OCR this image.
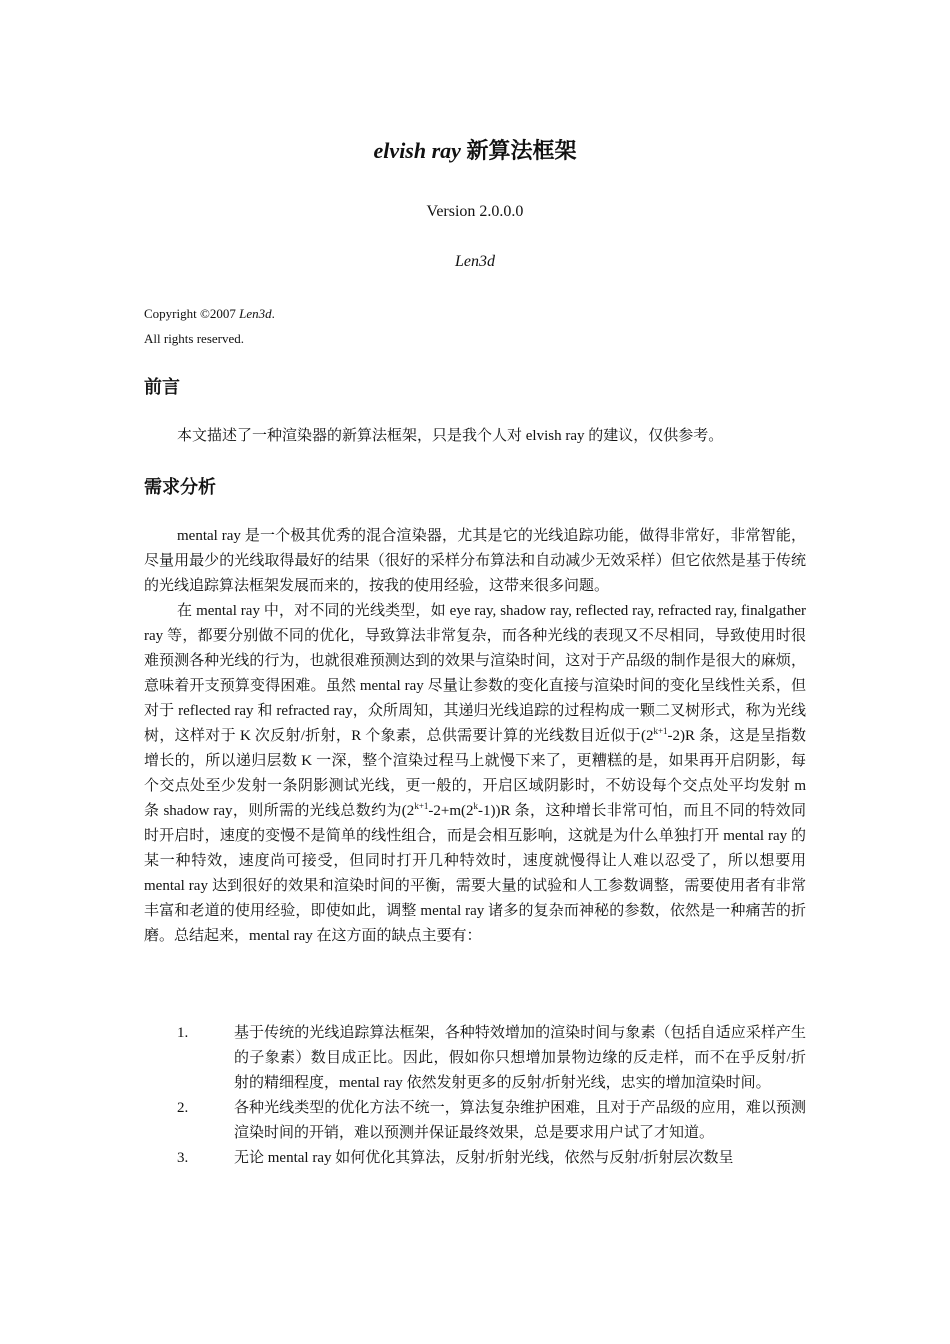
elvish ray 新算法框架
Version 2.0.0.0
Len3d
Copyright ©2007 Len3d.
All rights reserved.
前言

本文描述了一种渲染器的新算法框架，只是我个人对 elvish ray 的建议，仅供参考。

需求分析

mental ray 是一个极其优秀的混合渲染器，尤其是它的光线追踪功能，做得非常好，非常智能，尽量用最少的光线取得最好的结果（很好的采样分布算法和自动减少无效采样）但它依然是基于传统的光线追踪算法框架发展而来的，按我的使用经验，这带来很多问题。

在 mental ray 中，对不同的光线类型，如 eye ray, shadow ray, reflected ray, refracted ray, finalgather ray 等，都要分别做不同的优化，导致算法非常复杂，而各种光线的表现又不尽相同，导致使用时很难预测各种光线的行为，也就很难预测达到的效果与渲染时间，这对于产品级的制作是很大的麻烦，意味着开支预算变得困难。虽然 mental ray 尽量让参数的变化直接与渲染时间的变化呈线性关系，但对于 reflected ray 和 refracted ray，众所周知，其递归光线追踪的过程构成一颗二叉树形式，称为光线树，这样对于 K 次反射/折射，R 个象素，总供需要计算的光线数目近似于$(2^{k+1}-2)R$ 条，这是呈指数增长的，所以递归层数 K 一深，整个渲染过程马上就慢下来了，更糟糕的是，如果再开启阴影，每个交点处至少发射一条阴影测试光线，更一般的，开启区域阴影时，不妨设每个交点处平均发射 m 条 shadow ray，则所需的光线总数约为$(2^{k+1}-2+m(2^k-1))R$ 条，这种增长非常可怕，而且不同的特效同时开启时，速度的变慢不是简单的线性组合，而是会相互影响，这就是为什么单独打开 mental ray 的某一种特效，速度尚可接受，但同时打开几种特效时，速度就慢得让人难以忍受了，所以想要用 mental ray 达到很好的效果和渲染时间的平衡，需要大量的试验和人工参数调整，需要使用者有非常丰富和老道的使用经验，即使如此，调整 mental ray 诸多的复杂而神秘的参数，依然是一种痛苦的折磨。总结起来，mental ray 在这方面的缺点主要有：

1.	基于传统的光线追踪算法框架，各种特效增加的渲染时间与象素（包括自适应采样产生的子象素）数目成正比。因此，假如你只想增加景物边缘的反走样，而不在乎反射/折射的精细程度，mental ray 依然发射更多的反射/折射光线，忠实的增加渲染时间。
2.	各种光线类型的优化方法不统一，算法复杂维护困难，且对于产品级的应用，难以预测渲染时间的开销，难以预测并保证最终效果，总是要求用户试了才知道。
3.	无论 mental ray 如何优化其算法，反射/折射光线，依然与反射/折射层次数呈
